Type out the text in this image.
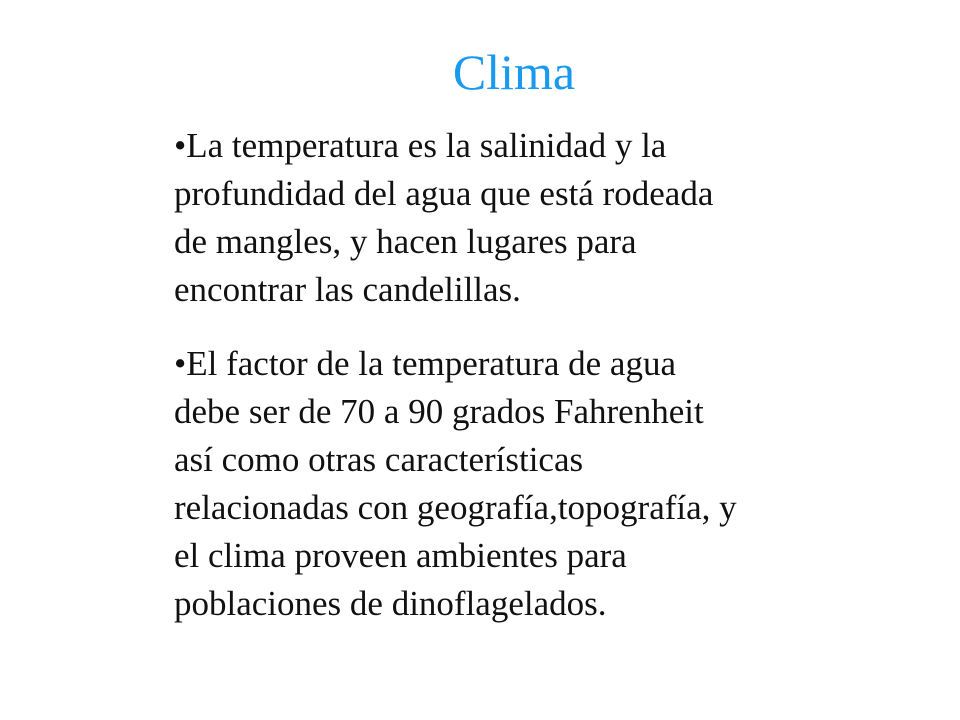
Clima

•La temperatura es la salinidad y la
profundidad del agua que está rodeada
de mangles, y hacen lugares para
encontrar las candelillas.

•El factor de la temperatura de agua
debe ser de 70 a 90 grados Fahrenheit
así como otras características
relacionadas con geografía,topografía, y
el clima proveen ambientes para
poblaciones de dinoflagelados.
